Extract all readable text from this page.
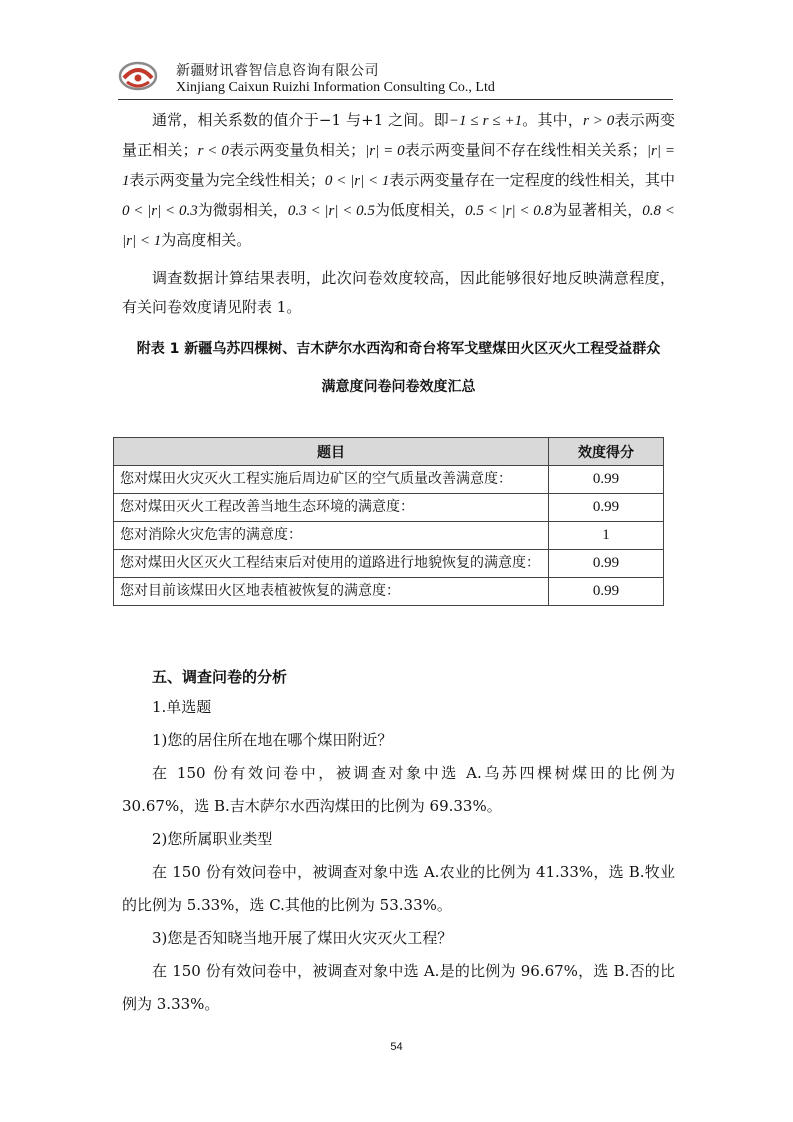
新疆财讯睿智信息咨询有限公司
Xinjiang Caixun Ruizhi Information Consulting Co., Ltd

通常，相关系数的值介于−1 与+1 之间。即−1 ≤ r ≤ +1。其中，r > 0表示两变量正相关；r < 0表示两变量负相关；|r| = 0表示两变量间不存在线性相关关系；|r| = 1表示两变量为完全线性相关；0 < |r| < 1表示两变量存在一定程度的线性相关，其中0 < |r| < 0.3为微弱相关，0.3 < |r| < 0.5为低度相关，0.5 < |r| < 0.8为显著相关，0.8 < |r| < 1为高度相关。

调查数据计算结果表明，此次问卷效度较高，因此能够很好地反映满意程度，有关问卷效度请见附表 1。

附表 1 新疆乌苏四棵树、吉木萨尔水西沟和奇台将军戈壁煤田火区灭火工程受益群众

满意度问卷问卷效度汇总

题目	效度得分
您对煤田火灾灭火工程实施后周边矿区的空气质量改善满意度：	0.99
您对煤田灭火工程改善当地生态环境的满意度：	0.99
您对消除火灾危害的满意度：	1
您对煤田火区灭火工程结束后对使用的道路进行地貌恢复的满意度：	0.99
您对目前该煤田火区地表植被恢复的满意度：	0.99

五、调查问卷的分析

1.单选题

1)您的居住所在地在哪个煤田附近？

在 150 份有效问卷中，被调查对象中选 A.乌苏四棵树煤田的比例为 30.67%，选 B.吉木萨尔水西沟煤田的比例为 69.33%。

2)您所属职业类型

在 150 份有效问卷中，被调查对象中选 A.农业的比例为 41.33%，选 B.牧业的比例为 5.33%，选 C.其他的比例为 53.33%。

3)您是否知晓当地开展了煤田火灾灭火工程？

在 150 份有效问卷中，被调查对象中选 A.是的比例为 96.67%，选 B.否的比例为 3.33%。

54
